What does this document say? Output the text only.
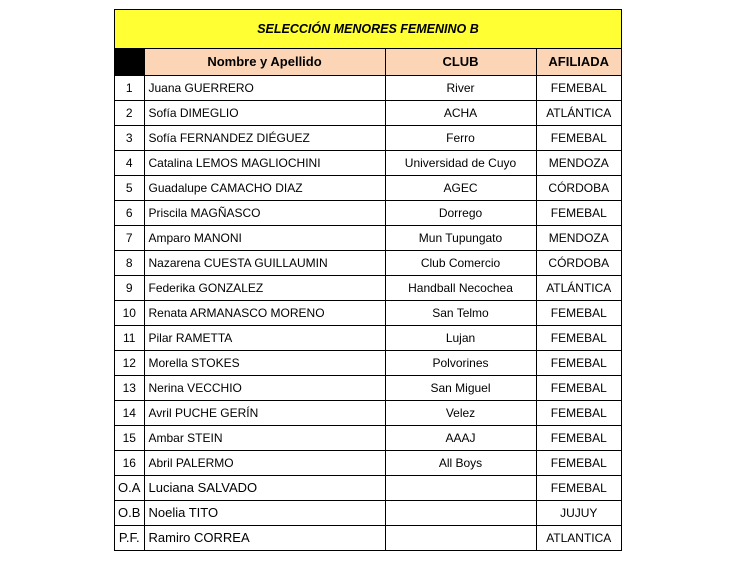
SELECCIÓN MENORES FEMENINO B
	Nombre y Apellido	CLUB	AFILIADA
1	Juana GUERRERO	River	FEMEBAL
2	Sofía DIMEGLIO	ACHA	ATLÁNTICA
3	Sofía FERNANDEZ DIÉGUEZ	Ferro	FEMEBAL
4	Catalina LEMOS MAGLIOCHINI	Universidad de Cuyo	MENDOZA
5	Guadalupe CAMACHO DIAZ	AGEC	CÓRDOBA
6	Priscila MAGÑASCO	Dorrego	FEMEBAL
7	Amparo MANONI	Mun Tupungato	MENDOZA
8	Nazarena CUESTA GUILLAUMIN	Club Comercio	CÓRDOBA
9	Federika GONZALEZ	Handball Necochea	ATLÁNTICA
10	Renata ARMANASCO MORENO	San Telmo	FEMEBAL
11	Pilar RAMETTA	Lujan	FEMEBAL
12	Morella STOKES	Polvorines	FEMEBAL
13	Nerina VECCHIO	San Miguel	FEMEBAL
14	Avril PUCHE GERÍN	Velez	FEMEBAL
15	Ambar STEIN	AAAJ	FEMEBAL
16	Abril PALERMO	All Boys	FEMEBAL
O.A	Luciana SALVADO		FEMEBAL
O.B	Noelia TITO		JUJUY
P.F.	Ramiro CORREA		ATLANTICA
